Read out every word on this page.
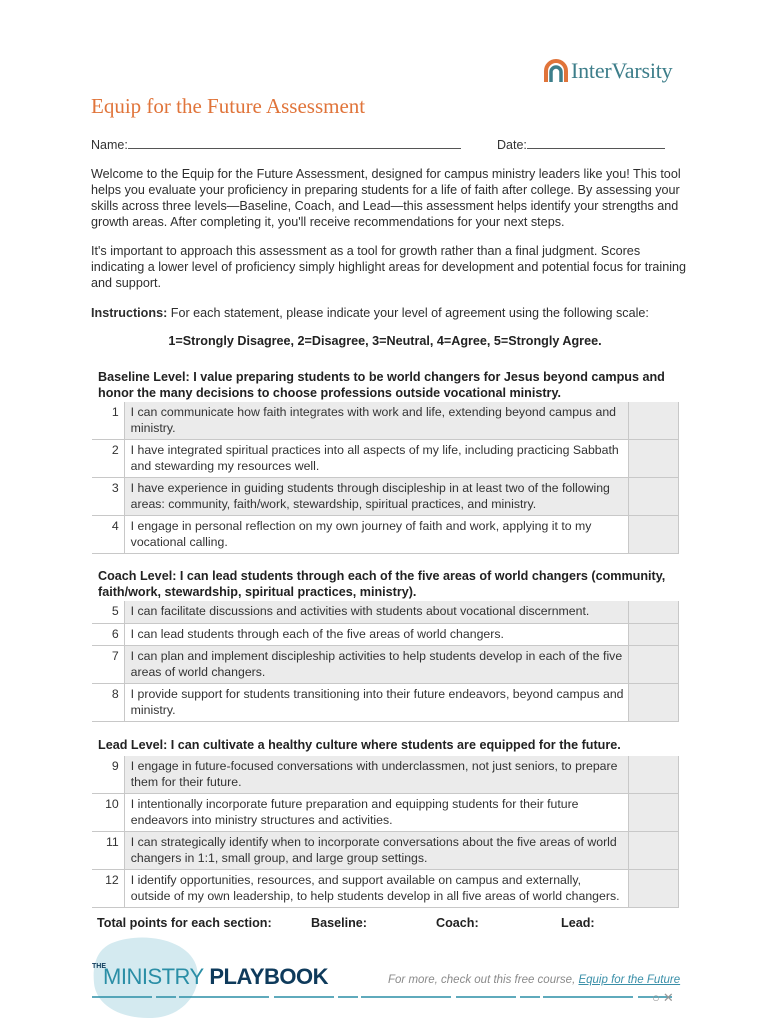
InterVarsity
Equip for the Future Assessment
Name:	Date:
Welcome to the Equip for the Future Assessment, designed for campus ministry leaders like you! This tool helps you evaluate your proficiency in preparing students for a life of faith after college. By assessing your skills across three levels—Baseline, Coach, and Lead—this assessment helps identify your strengths and growth areas. After completing it, you'll receive recommendations for your next steps.
It's important to approach this assessment as a tool for growth rather than a final judgment. Scores indicating a lower level of proficiency simply highlight areas for development and potential focus for training and support.
Instructions: For each statement, please indicate your level of agreement using the following scale:
1=Strongly Disagree, 2=Disagree, 3=Neutral, 4=Agree, 5=Strongly Agree.
Baseline Level: I value preparing students to be world changers for Jesus beyond campus and honor the many decisions to choose professions outside vocational ministry.
1	I can communicate how faith integrates with work and life, extending beyond campus and ministry.	
2	I have integrated spiritual practices into all aspects of my life, including practicing Sabbath and stewarding my resources well.	
3	I have experience in guiding students through discipleship in at least two of the following areas: community, faith/work, stewardship, spiritual practices, and ministry.	
4	I engage in personal reflection on my own journey of faith and work, applying it to my vocational calling.	
Coach Level: I can lead students through each of the five areas of world changers (community, faith/work, stewardship, spiritual practices, ministry).
5	I can facilitate discussions and activities with students about vocational discernment.	
6	I can lead students through each of the five areas of world changers.	
7	I can plan and implement discipleship activities to help students develop in each of the five areas of world changers.	
8	I provide support for students transitioning into their future endeavors, beyond campus and ministry.	
Lead Level: I can cultivate a healthy culture where students are equipped for the future.
9	I engage in future-focused conversations with underclassmen, not just seniors, to prepare them for their future.	
10	I intentionally incorporate future preparation and equipping students for their future endeavors into ministry structures and activities.	
11	I can strategically identify when to incorporate conversations about the five areas of world changers in 1:1, small group, and large group settings.	
12	I identify opportunities, resources, and support available on campus and externally, outside of my own leadership, to help students develop in all five areas of world changers.	
Total points for each section:	Baseline:	Coach:	Lead:
THE
MINISTRY PLAYBOOK	For more, check out this free course, Equip for the Future
○✕
